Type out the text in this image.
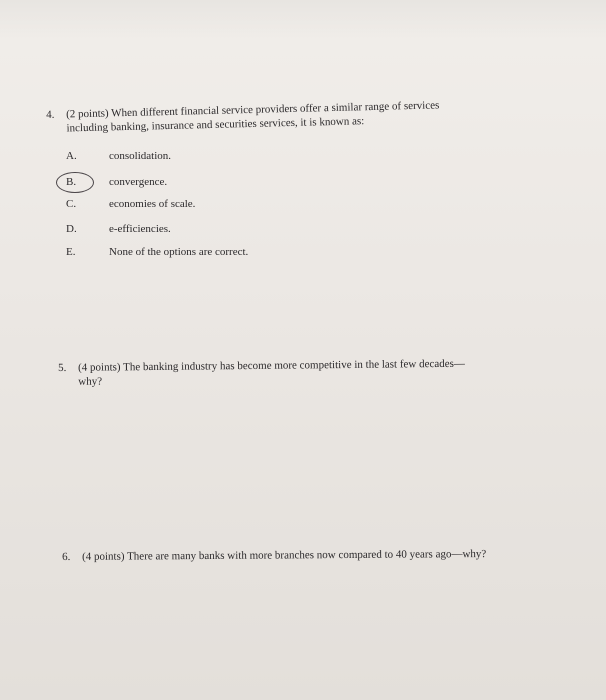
4. (2 points) When different financial service providers offer a similar range of services
including banking, insurance and securities services, it is known as:
A.	consolidation.
B.	convergence.
C.	economies of scale.
D.	e-efficiencies.
E.	None of the options are correct.
5. (4 points) The banking industry has become more competitive in the last few decades—
why?
6. (4 points) There are many banks with more branches now compared to 40 years ago—why?
